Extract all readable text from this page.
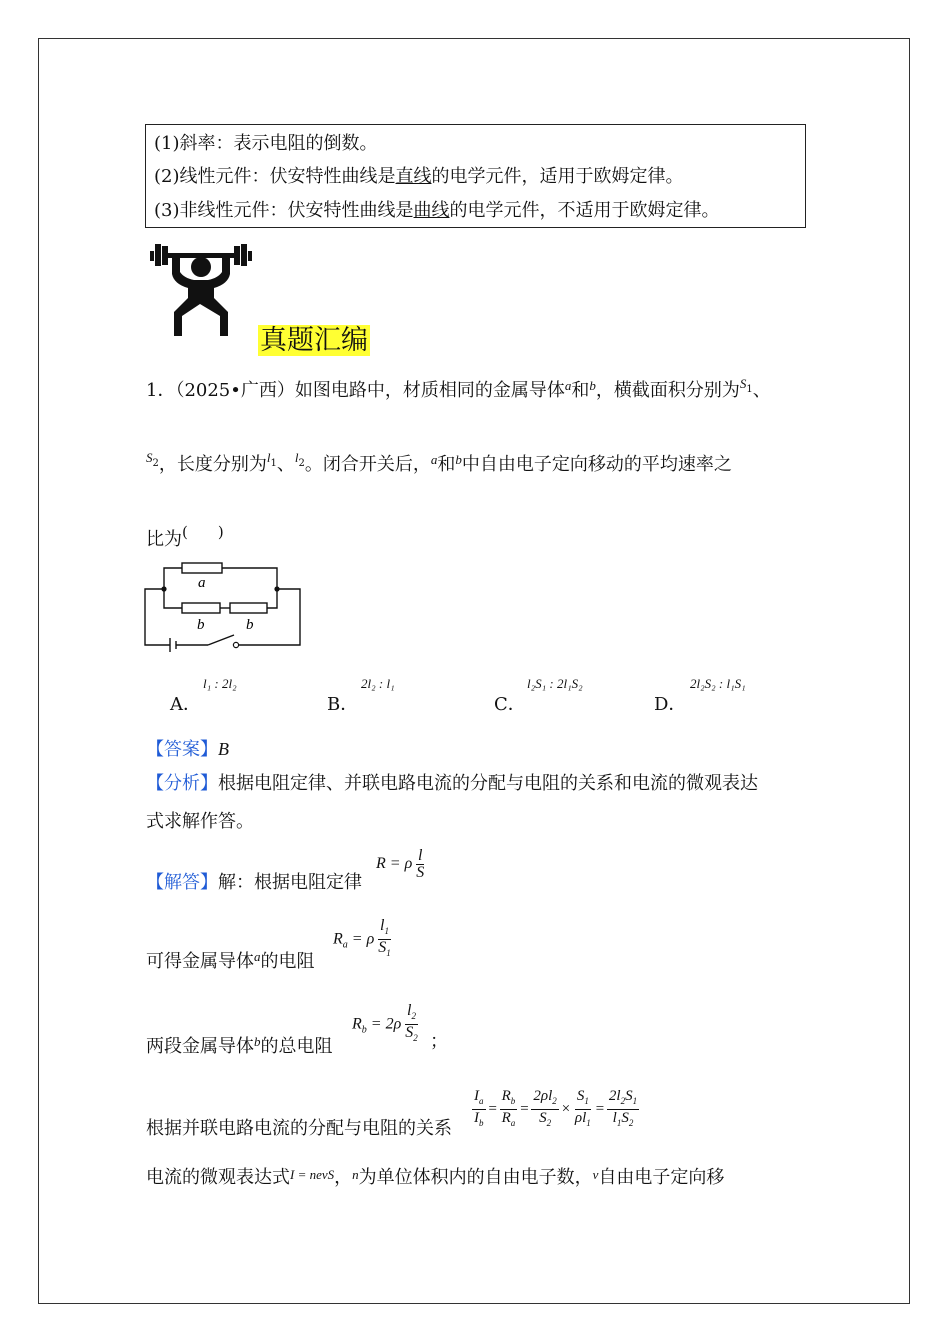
(1)斜率：表示电阻的倒数。
(2)线性元件：伏安特性曲线是直线的电学元件，适用于欧姆定律。
(3)非线性元件：伏安特性曲线是曲线的电学元件，不适用于欧姆定律。
真题汇编
1．（2025•广西）如图电路中，材质相同的金属导体$^a$和$^b$，横截面积分别为$^{S1}$、
$^{S2}$，长度分别为$^{l1}$、$^{l2}$。闭合开关后，$^a$和$^b$中自由电子定向移动的平均速率之
比为(　　)
a
b	b
A．
l₁ : 2l₂
B．
2l₂ : l₁
C．
l₂S₁ : 2l₁S₂
D．
2l₂S₂ : l₁S₁
【答案】B
【分析】根据电阻定律、并联电路电流的分配与电阻的关系和电流的微观表达
式求解作答。
【解答】解：根据电阻定律
R = ρ $\frac{l}{S}$
可得金属导体$^a$的电阻
$R_a = \rho \frac{l_1}{S_1}$
两段金属导体$^b$的总电阻
$R_b = 2\rho \frac{l_2}{S_2}$ ；
根据并联电路电流的分配与电阻的关系 $\frac{I_a}{I_b} = \frac{R_b}{R_a} = \frac{2\rho l_2}{S_2} \times \frac{S_1}{\rho l_1} = \frac{2l_2S_1}{l_1S_2}$
电流的微观表达式$^{I = nevS}$，$^n$为单位体积内的自由电子数，$^v$自由电子定向移
